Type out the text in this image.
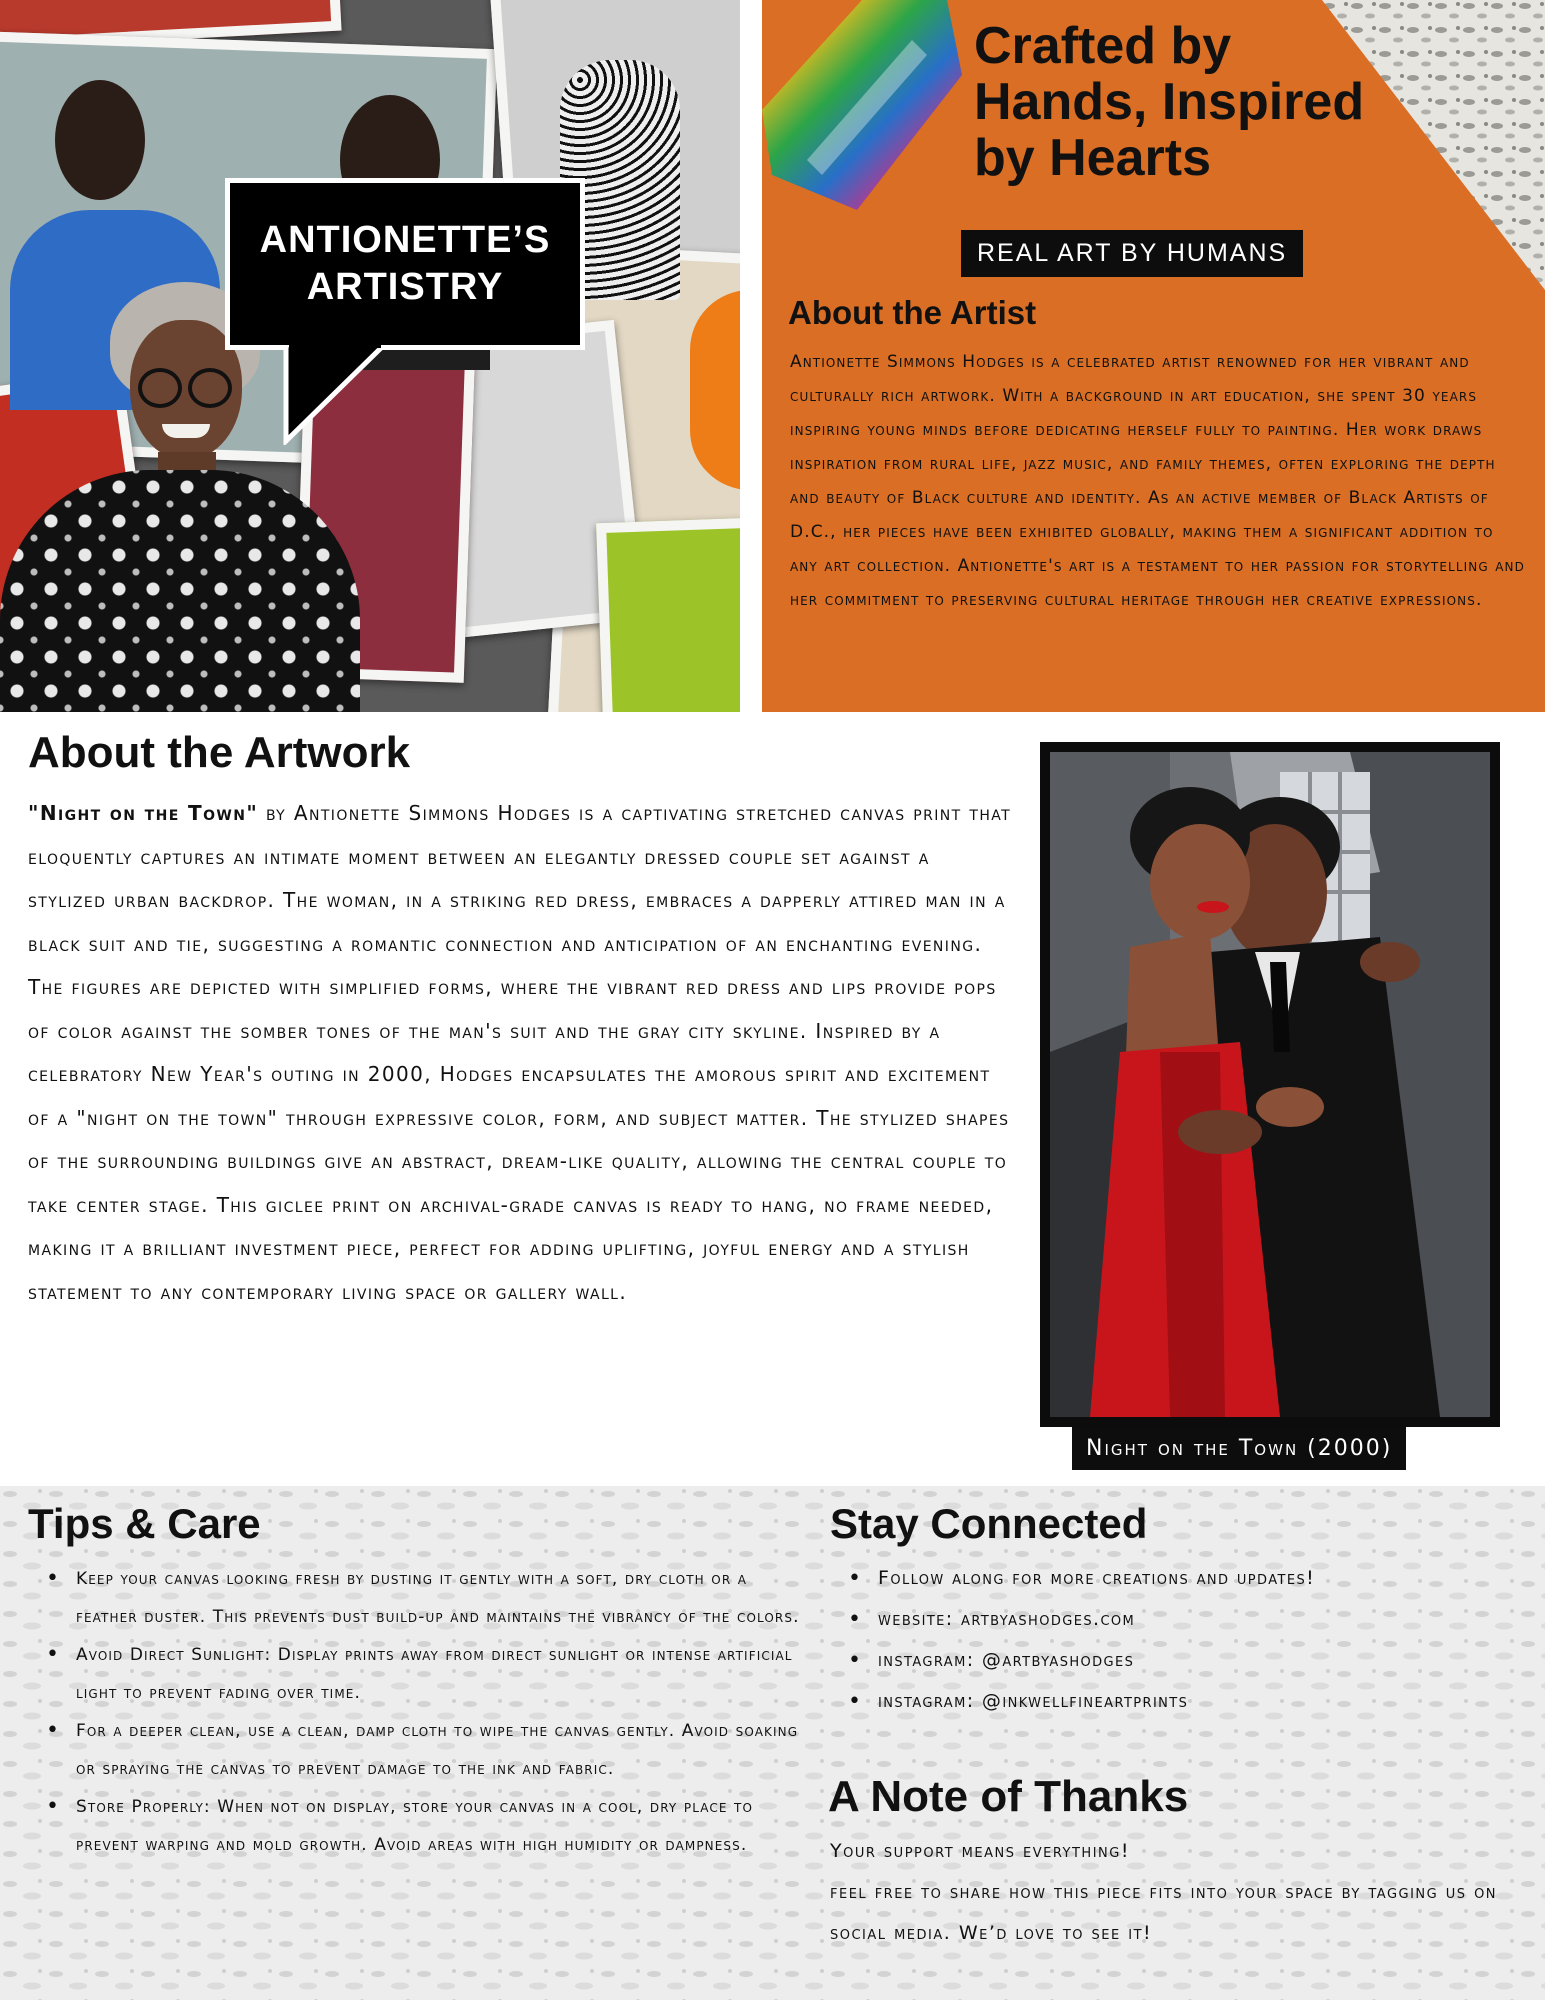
ANTIONETTE’S
ARTISTRY
Crafted by
Hands, Inspired
by Hearts
REAL ART BY HUMANS
About the Artist
Antionette Simmons Hodges is a celebrated artist renowned for her vibrant and culturally rich artwork. With a background in art education, she spent 30 years inspiring young minds before dedicating herself fully to painting. Her work draws inspiration from rural life, jazz music, and family themes, often exploring the depth and beauty of Black culture and identity. As an active member of Black Artists of D.C., her pieces have been exhibited globally, making them a significant addition to any art collection. Antionette's art is a testament to her passion for storytelling and her commitment to preserving cultural heritage through her creative expressions.
About the Artwork
"Night on the Town" by Antionette Simmons Hodges is a captivating stretched canvas print that eloquently captures an intimate moment between an elegantly dressed couple set against a stylized urban backdrop. The woman, in a striking red dress, embraces a dapperly attired man in a black suit and tie, suggesting a romantic connection and anticipation of an enchanting evening. The figures are depicted with simplified forms, where the vibrant red dress and lips provide pops of color against the somber tones of the man's suit and the gray city skyline. Inspired by a celebratory New Year's outing in 2000, Hodges encapsulates the amorous spirit and excitement of a "night on the town" through expressive color, form, and subject matter. The stylized shapes of the surrounding buildings give an abstract, dream-like quality, allowing the central couple to take center stage. This giclee print on archival-grade canvas is ready to hang, no frame needed, making it a brilliant investment piece, perfect for adding uplifting, joyful energy and a stylish statement to any contemporary living space or gallery wall.
Night on the Town (2000)
Tips & Care
• Keep your canvas looking fresh by dusting it gently with a soft, dry cloth or a feather duster. This prevents dust build-up and maintains the vibrancy of the colors.
• Avoid Direct Sunlight: Display prints away from direct sunlight or intense artificial light to prevent fading over time.
• For a deeper clean, use a clean, damp cloth to wipe the canvas gently. Avoid soaking or spraying the canvas to prevent damage to the ink and fabric.
• Store Properly: When not on display, store your canvas in a cool, dry place to prevent warping and mold growth. Avoid areas with high humidity or dampness.
Stay Connected
• Follow along for more creations and updates!
• website: artbyashodges.com
• instagram: @artbyashodges
• instagram: @inkwellfineartprints
A Note of Thanks
Your support means everything!
feel free to share how this piece fits into your space by tagging us on social media. We’d love to see it!
